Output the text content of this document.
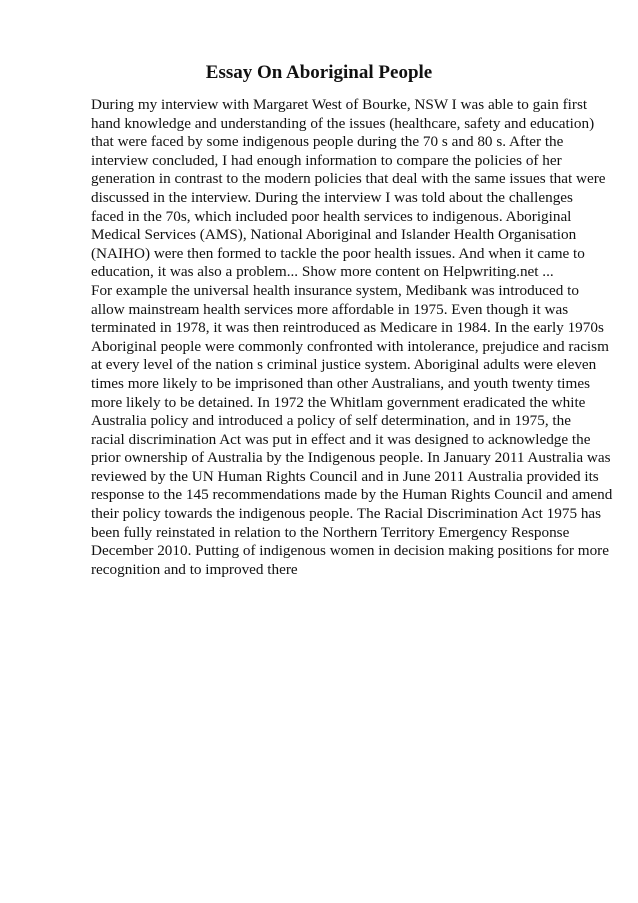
Essay On Aboriginal People
During my interview with Margaret West of Bourke, NSW I was able to gain first
hand knowledge and understanding of the issues (healthcare, safety and education)
that were faced by some indigenous people during the 70 s and 80 s. After the
interview concluded, I had enough information to compare the policies of her
generation in contrast to the modern policies that deal with the same issues that were
discussed in the interview. During the interview I was told about the challenges
faced in the 70s, which included poor health services to indigenous. Aboriginal
Medical Services (AMS), National Aboriginal and Islander Health Organisation
(NAIHO) were then formed to tackle the poor health issues. And when it came to
education, it was also a problem... Show more content on Helpwriting.net ...
For example the universal health insurance system, Medibank was introduced to
allow mainstream health services more affordable in 1975. Even though it was
terminated in 1978, it was then reintroduced as Medicare in 1984. In the early 1970s
Aboriginal people were commonly confronted with intolerance, prejudice and racism
at every level of the nation s criminal justice system. Aboriginal adults were eleven
times more likely to be imprisoned than other Australians, and youth twenty times
more likely to be detained. In 1972 the Whitlam government eradicated the white
Australia policy and introduced a policy of self determination, and in 1975, the
racial discrimination Act was put in effect and it was designed to acknowledge the
prior ownership of Australia by the Indigenous people. In January 2011 Australia was
reviewed by the UN Human Rights Council and in June 2011 Australia provided its
response to the 145 recommendations made by the Human Rights Council and amend
their policy towards the indigenous people. The Racial Discrimination Act 1975 has
been fully reinstated in relation to the Northern Territory Emergency Response
December 2010. Putting of indigenous women in decision making positions for more
recognition and to improved there
